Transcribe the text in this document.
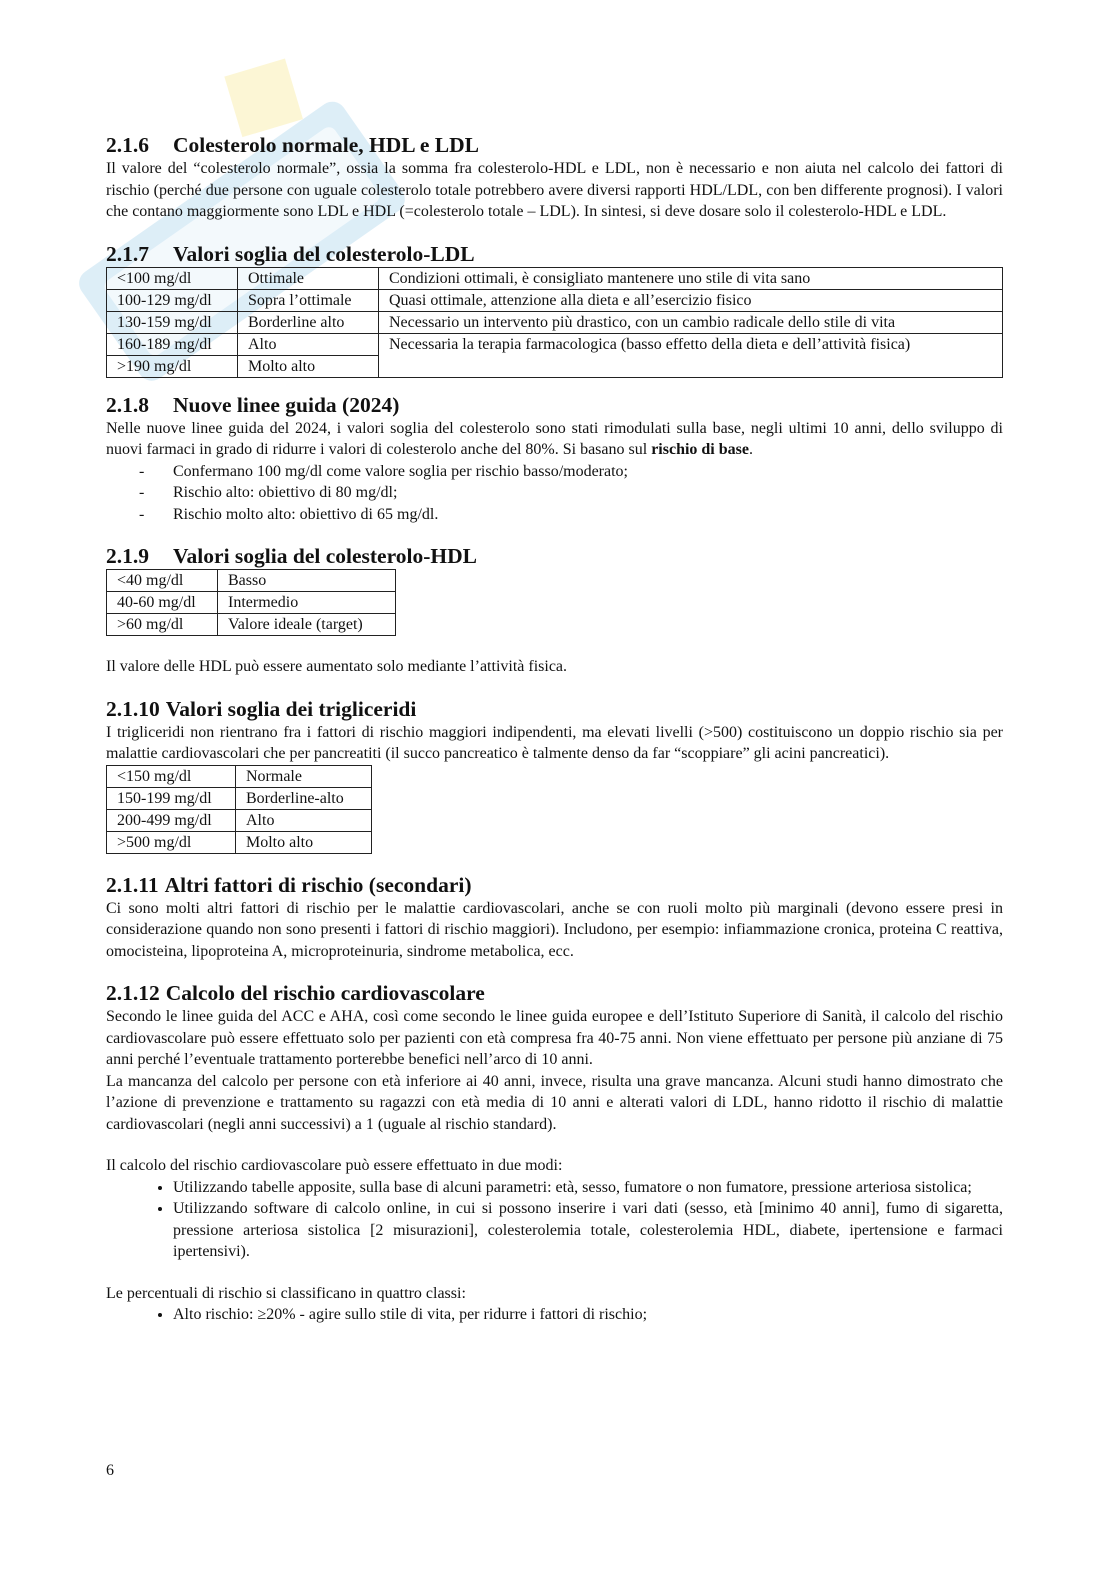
2.1.6 Colesterolo normale, HDL e LDL

Il valore del “colesterolo normale”, ossia la somma fra colesterolo-HDL e LDL, non è necessario e non aiuta nel calcolo dei fattori di rischio (perché due persone con uguale colesterolo totale potrebbero avere diversi rapporti HDL/LDL, con ben differente prognosi). I valori che contano maggiormente sono LDL e HDL (=colesterolo totale – LDL). In sintesi, si deve dosare solo il colesterolo-HDL e LDL.

2.1.7 Valori soglia del colesterolo-LDL
<100 mg/dl	Ottimale	Condizioni ottimali, è consigliato mantenere uno stile di vita sano
100-129 mg/dl	Sopra l’ottimale	Quasi ottimale, attenzione alla dieta e all’esercizio fisico
130-159 mg/dl	Borderline alto	Necessario un intervento più drastico, con un cambio radicale dello stile di vita
160-189 mg/dl	Alto	Necessaria la terapia farmacologica (basso effetto della dieta e dell’attività fisica)
>190 mg/dl	Molto alto	
2.1.8 Nuove linee guida (2024)

Nelle nuove linee guida del 2024, i valori soglia del colesterolo sono stati rimodulati sulla base, negli ultimi 10 anni, dello sviluppo di nuovi farmaci in grado di ridurre i valori di colesterolo anche del 80%. Si basano sul rischio di base.

- Confermano 100 mg/dl come valore soglia per rischio basso/moderato;
- Rischio alto: obiettivo di 80 mg/dl;
- Rischio molto alto: obiettivo di 65 mg/dl.
2.1.9 Valori soglia del colesterolo-HDL
<40 mg/dl	Basso
40-60 mg/dl	Intermedio
>60 mg/dl	Valore ideale (target)

Il valore delle HDL può essere aumentato solo mediante l’attività fisica.

2.1.10 Valori soglia dei trigliceridi

I trigliceridi non rientrano fra i fattori di rischio maggiori indipendenti, ma elevati livelli (>500) costituiscono un doppio rischio sia per malattie cardiovascolari che per pancreatiti (il succo pancreatico è talmente denso da far “scoppiare” gli acini pancreatici).

<150 mg/dl	Normale
150-199 mg/dl	Borderline-alto
200-499 mg/dl	Alto
>500 mg/dl	Molto alto
2.1.11 Altri fattori di rischio (secondari)

Ci sono molti altri fattori di rischio per le malattie cardiovascolari, anche se con ruoli molto più marginali (devono essere presi in considerazione quando non sono presenti i fattori di rischio maggiori). Includono, per esempio: infiammazione cronica, proteina C reattiva, omocisteina, lipoproteina A, microproteinuria, sindrome metabolica, ecc.

2.1.12 Calcolo del rischio cardiovascolare

Secondo le linee guida del ACC e AHA, così come secondo le linee guida europee e dell’Istituto Superiore di Sanità, il calcolo del rischio cardiovascolare può essere effettuato solo per pazienti con età compresa fra 40-75 anni. Non viene effettuato per persone più anziane di 75 anni perché l’eventuale trattamento porterebbe benefici nell’arco di 10 anni.

La mancanza del calcolo per persone con età inferiore ai 40 anni, invece, risulta una grave mancanza. Alcuni studi hanno dimostrato che l’azione di prevenzione e trattamento su ragazzi con età media di 10 anni e alterati valori di LDL, hanno ridotto il rischio di malattie cardiovascolari (negli anni successivi) a 1 (uguale al rischio standard).

Il calcolo del rischio cardiovascolare può essere effettuato in due modi:

• Utilizzando tabelle apposite, sulla base di alcuni parametri: età, sesso, fumatore o non fumatore, pressione arteriosa sistolica;
• Utilizzando software di calcolo online, in cui si possono inserire i vari dati (sesso, età [minimo 40 anni], fumo di sigaretta, pressione arteriosa sistolica [2 misurazioni], colesterolemia totale, colesterolemia HDL, diabete, ipertensione e farmaci ipertensivi).

Le percentuali di rischio si classificano in quattro classi:

• Alto rischio: ≥20% - agire sullo stile di vita, per ridurre i fattori di rischio;
6
